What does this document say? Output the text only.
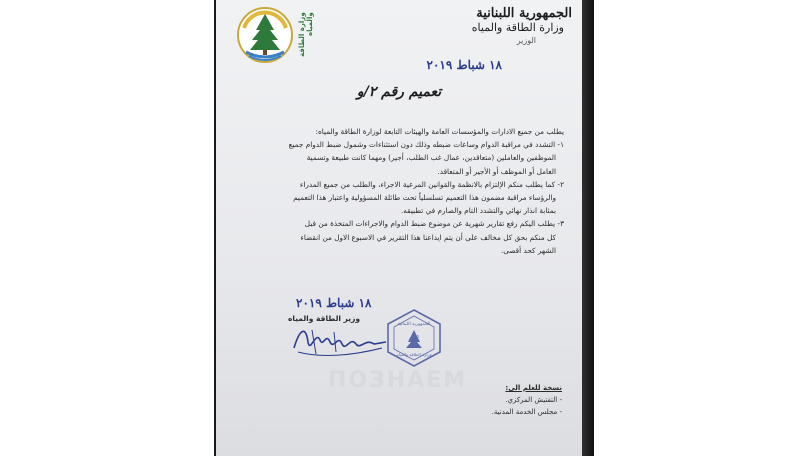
الجمهورية اللبنانية
وزارة الطاقة والمياه
الوزير
١٨ شباط ٢٠١٩
وزارة الطاقة والمياه
تعميم رقم ٢/و

يطلب من جميع الادارات والمؤسسات العامة والهيئات التابعة لوزارة الطاقة والمياه:

١- التشدد في مراقبة الدوام وساعات ضبطه وذلك دون استثناءات وشمول ضبط الدوام جميع

الموظفين والعاملين (متعاقدين، عمال غب الطلب، أجير) ومهما كانت طبيعة وتسمية

العامل أو الموظف أو الأجير أو المتعاقد.

٢- كما يطلب منكم الإلتزام بالانظمة والقوانين المرعية الاجراء، والطلب من جميع المدراء

والرؤساء مراقبة مضمون هذا التعميم تسلسلياً تحت طائلة المسؤولية واعتبار هذا التعميم

بمثابة انذار نهائي والتشدد التام والصارم في تطبيقه.

٣- يطلب اليكم رفع تقارير شهرية عن موضوع ضبط الدوام والاجراءات المتخذة من قبل

كل منكم بحق كل مخالف على أن يتم ايداعنا هذا التقرير في الاسبوع الاول من انقضاء

الشهر كحد أقصى.

١٨ شباط ٢٠١٩
وزير الطاقة والمياه
الجمهورية اللبنانية
الوزير
وزارة الطاقة والمياه
ПОЗНАЕМ	نسخة للعلم الى:
- التفتيش المركزي.
- مجلس الخدمة المدنية.
